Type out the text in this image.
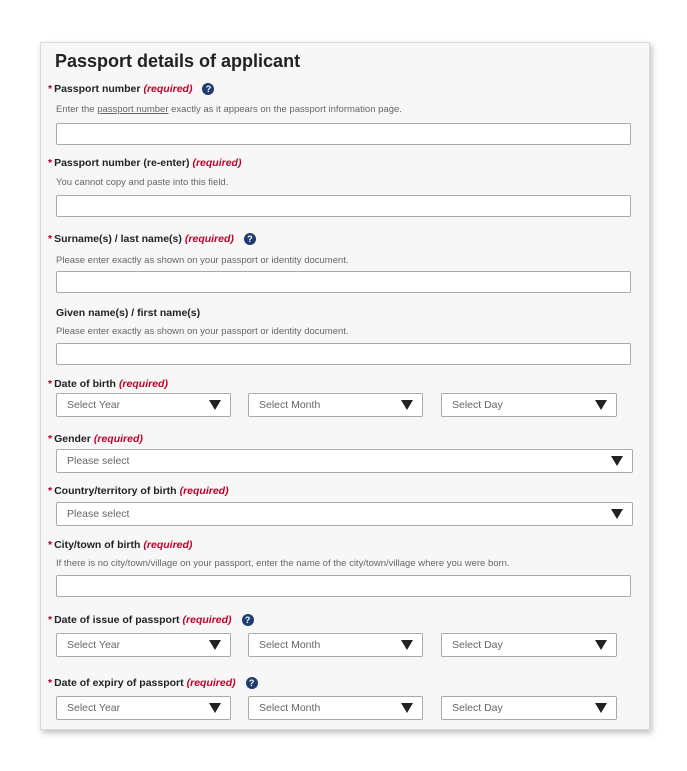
Passport details of applicant
* Passport number (required) ?
Enter the passport number exactly as it appears on the passport information page.
* Passport number (re-enter) (required)
You cannot copy and paste into this field.
* Surname(s) / last name(s) (required) ?
Please enter exactly as shown on your passport or identity document.
Given name(s) / first name(s)
Please enter exactly as shown on your passport or identity document.
* Date of birth (required)
Select Year	Select Month	Select Day
* Gender (required)
Please select
* Country/territory of birth (required)
Please select
* City/town of birth (required)
If there is no city/town/village on your passport, enter the name of the city/town/village where you were born.
* Date of issue of passport (required) ?
Select Year	Select Month	Select Day
* Date of expiry of passport (required) ?
Select Year	Select Month	Select Day
